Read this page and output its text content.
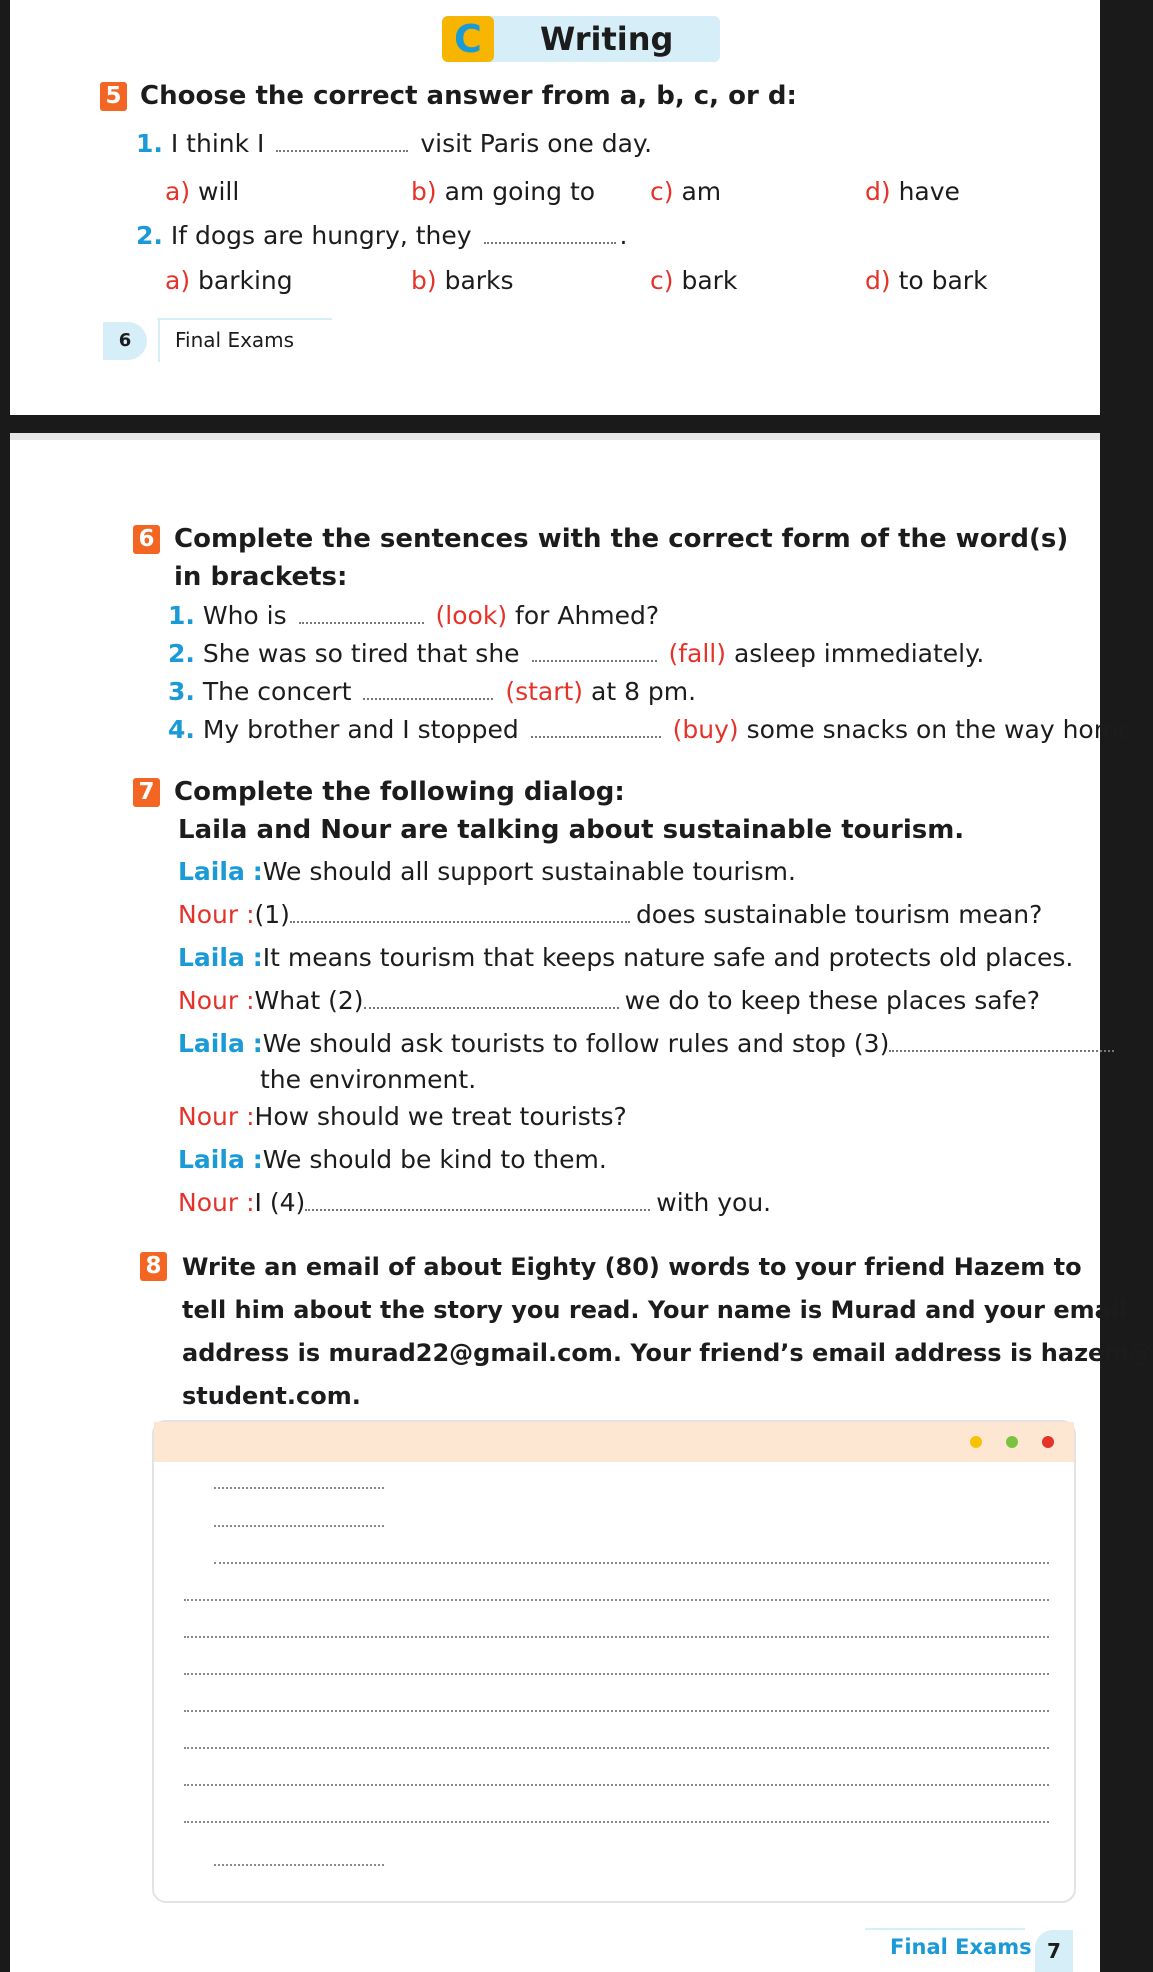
C	Writing
5 Choose the correct answer from a, b, c, or d:
1. I think I	visit Paris one day.
a) will	b) am going to c) am	d) have
2. If dogs are hungry, they	.
a) barking	b) barks	c) bark	d) to bark
6	Final Exams
6 Complete the sentences with the correct form of the word(s)
in brackets:
1. Who is	(look) for Ahmed?
2. She was so tired that she	(fall) asleep immediately.
3. The concert	(start) at 8 pm.
4. My brother and I stopped	(buy) some snacks on the way home.
7 Complete the following dialog:
Laila and Nour are talking about sustainable tourism.
Laila :We should all support sustainable tourism.
Nour :(1)	does sustainable tourism mean?
Laila :It means tourism that keeps nature safe and protects old places.
Nour :What (2)	we do to keep these places safe?
Laila :We should ask tourists to follow rules and stop (3)
the environment.
Nour :How should we treat tourists?
Laila :We should be kind to them.
Nour :I (4)	with you.
8 Write an email of about Eighty (80) words to your friend Hazem to
tell him about the story you read. Your name is Murad and your email
address is murad22@gmail.com. Your friend’s email address is hazem@
student.com.
Final Exams 7
